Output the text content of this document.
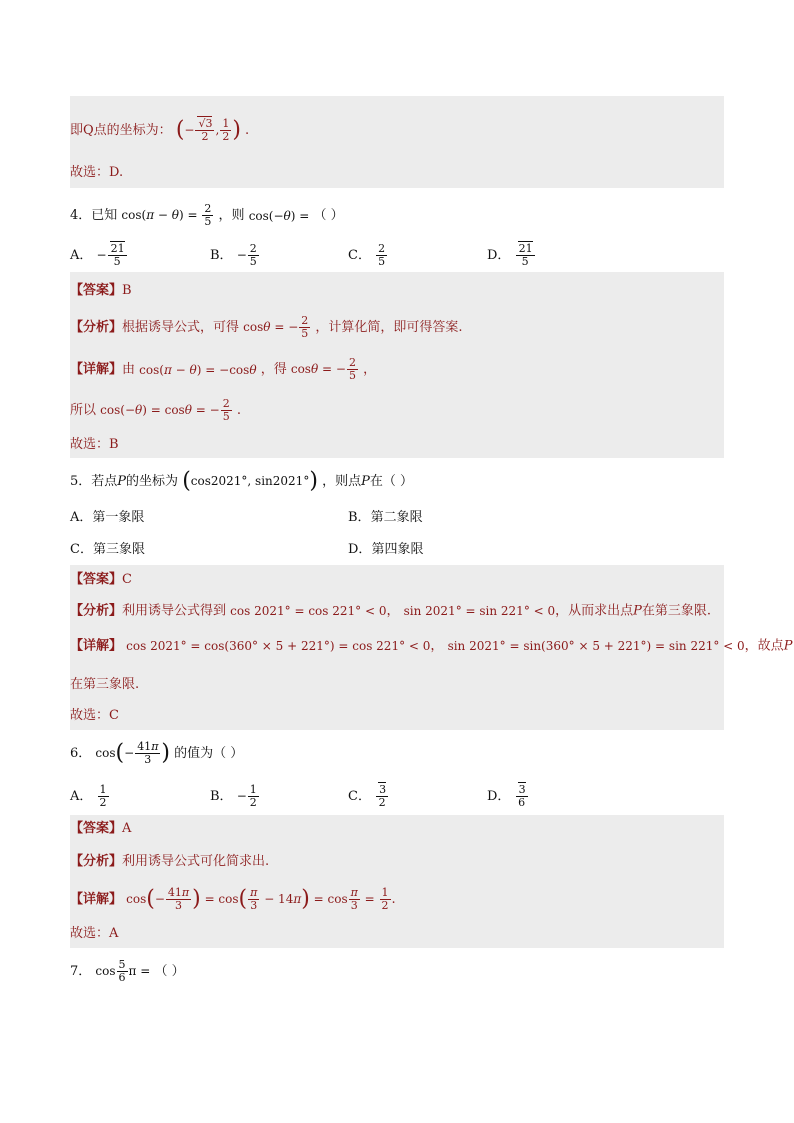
即Q点的坐标为： (− $\frac{√3}{2}$ , $\frac{1}{2}$ ) .
故选：D.
4．已知 $\cos(\pi - \theta) = \frac{2}{5}$ ，则 cos(−θ) = （ ）
A． − $\frac{21}{5}$	B． − $\frac{2}{5}$	C． $\frac{2}{5}$	D． $\frac{21}{5}$
【答案】B
【分析】根据诱导公式，可得 cosθ = − $\frac{2}{5}$ ，计算化简，即可得答案.
【详解】由 cos(π − θ) = −cosθ ，得 cosθ = − $\frac{2}{5}$ ，
所以 cos(−θ) = cosθ = − $\frac{2}{5}$ .
故选：B
5．若点P的坐标为 (cos2021°, sin2021°) ，则点P在（ ）
A．第一象限	B．第二象限
C．第三象限	D．第四象限
【答案】C
【分析】利用诱导公式得到 cos 2021° = cos 221° < 0， sin 2021° = sin 221° < 0，从而求出点P在第三象限.
【详解】 cos 2021° = cos(360° × 5 + 221°) = cos 221° < 0， sin 2021° = sin(360° × 5 + 221°) = sin 221° < 0，故点P
在第三象限.
故选：C
6． $\cos(- \frac{41\pi}{3}$ ) 的值为（ ）
A． $\frac{1}{2}$	B． − $\frac{1}{2}$	C． $\frac{3}{2}$	D． $\frac{3}{6}$
【答案】A
【分析】利用诱导公式可化简求出.
【详解】 $\cos(- \frac{41\pi}{3}$ ) = $\cos( \frac{\pi}{3} - 14\pi) = \cos \frac{\pi}{3} = \frac{1}{2}$ .
故选：A
7． $\cos \frac{5}{6}$ π = （ ）
